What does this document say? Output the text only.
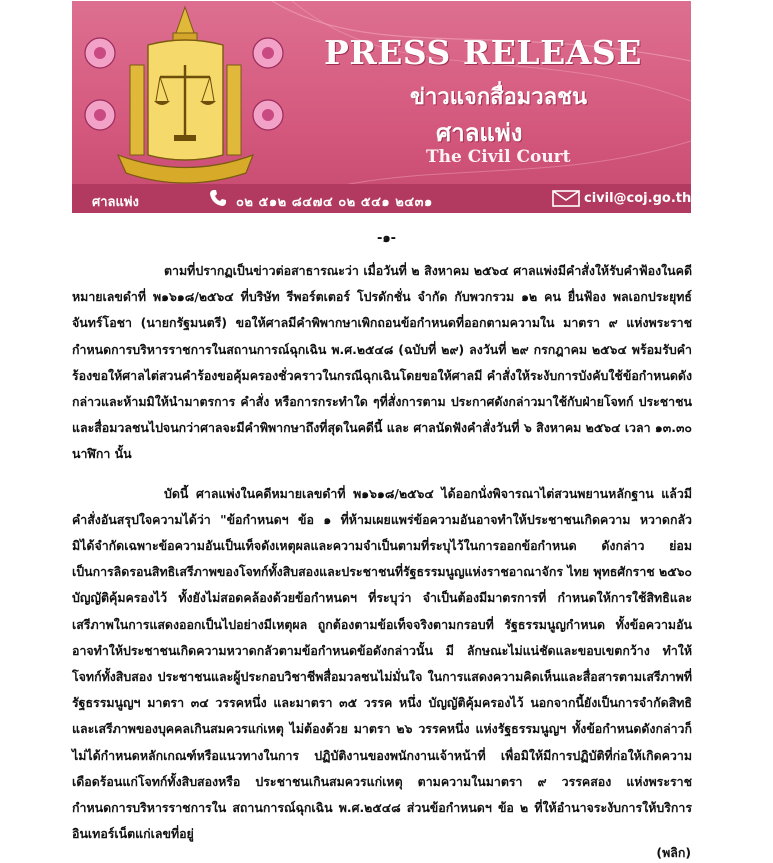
PRESS RELEASE
ข่าวแจกสื่อมวลชน
ศาลแพ่ง
The Civil Court
ศาลแพ่ง	๐๒ ๕๑๒ ๘๔๗๔ ๐๒ ๕๔๑ ๒๔๓๑	civil@coj.go.th
-๑-

ตามที่ปรากฏเป็นข่าวต่อสาธารณะว่า เมื่อวันที่ ๒ สิงหาคม ๒๕๖๔ ศาลแพ่งมีคำสั่งให้รับคำฟ้องในคดีหมายเลขดำที่ พ๑๖๑๘/๒๕๖๔ ที่บริษัท รีพอร์ตเตอร์ โปรดักชั่น จำกัด กับพวกรวม ๑๒ คน ยื่นฟ้อง พลเอกประยุทธ์ จันทร์โอชา (นายกรัฐมนตรี) ขอให้ศาลมีคำพิพากษาเพิกถอนข้อกำหนดที่ออกตามความใน มาตรา ๙ แห่งพระราชกำหนดการบริหารราชการในสถานการณ์ฉุกเฉิน พ.ศ.๒๕๔๘ (ฉบับที่ ๒๙) ลงวันที่ ๒๙ กรกฎาคม ๒๕๖๔ พร้อมรับคำร้องขอให้ศาลไต่สวนคำร้องขอคุ้มครองชั่วคราวในกรณีฉุกเฉินโดยขอให้ศาลมี คำสั่งให้ระงับการบังคับใช้ข้อกำหนดดังกล่าวและห้ามมิให้นำมาตรการ คำสั่ง หรือการกระทำใด ๆที่สั่งการตาม ประกาศดังกล่าวมาใช้กับฝ่ายโจทก์ ประชาชนและสื่อมวลชนไปจนกว่าศาลจะมีคำพิพากษาถึงที่สุดในคดีนี้ และ ศาลนัดฟังคำสั่งวันที่ ๖ สิงหาคม ๒๕๖๔ เวลา ๑๓.๓๐ นาฬิกา นั้น

บัดนี้ ศาลแพ่งในคดีหมายเลขดำที่ พ๑๖๑๘/๒๕๖๔ ได้ออกนั่งพิจารณาไต่สวนพยานหลักฐาน แล้วมีคำสั่งอันสรุปใจความได้ว่า "ข้อกำหนดฯ ข้อ ๑ ที่ห้ามเผยแพร่ข้อความอันอาจทำให้ประชาชนเกิดความ หวาดกลัว มิได้จำกัดเฉพาะข้อความอันเป็นเท็จดังเหตุผลและความจำเป็นตามที่ระบุไว้ในการออกข้อกำหนด ดังกล่าว ย่อมเป็นการลิดรอนสิทธิเสรีภาพของโจทก์ทั้งสิบสองและประชาชนที่รัฐธรรมนูญแห่งราชอาณาจักร ไทย พุทธศักราช ๒๕๖๐ บัญญัติคุ้มครองไว้ ทั้งยังไม่สอดคล้องด้วยข้อกำหนดฯ ที่ระบุว่า จำเป็นต้องมีมาตรการที่ กำหนดให้การใช้สิทธิและเสรีภาพในการแสดงออกเป็นไปอย่างมีเหตุผล ถูกต้องตามข้อเท็จจริงตามกรอบที่ รัฐธรรมนูญกำหนด ทั้งข้อความอันอาจทำให้ประชาชนเกิดความหวาดกลัวตามข้อกำหนดข้อดังกล่าวนั้น มี ลักษณะไม่แน่ชัดและขอบเขตกว้าง ทำให้โจทก์ทั้งสิบสอง ประชาชนและผู้ประกอบวิชาชีพสื่อมวลชนไม่มั่นใจ ในการแสดงความคิดเห็นและสื่อสารตามเสรีภาพที่รัฐธรรมนูญฯ มาตรา ๓๔ วรรคหนึ่ง และมาตรา ๓๕ วรรค หนึ่ง บัญญัติคุ้มครองไว้ นอกจากนี้ยังเป็นการจำกัดสิทธิและเสรีภาพของบุคคลเกินสมควรแก่เหตุ ไม่ต้องด้วย มาตรา ๒๖ วรรคหนึ่ง แห่งรัฐธรรมนูญฯ ทั้งข้อกำหนดดังกล่าวก็ไม่ได้กำหนดหลักเกณฑ์หรือแนวทางในการ ปฏิบัติงานของพนักงานเจ้าหน้าที่ เพื่อมิให้มีการปฏิบัติที่ก่อให้เกิดความเดือดร้อนแก่โจทก์ทั้งสิบสองหรือ ประชาชนเกินสมควรแก่เหตุ ตามความในมาตรา ๙ วรรคสอง แห่งพระราชกำหนดการบริหารราชการใน สถานการณ์ฉุกเฉิน พ.ศ.๒๕๔๘ ส่วนข้อกำหนดฯ ข้อ ๒ ที่ให้อำนาจระงับการให้บริการอินเทอร์เน็ตแก่เลขที่อยู่

(พลิก)
